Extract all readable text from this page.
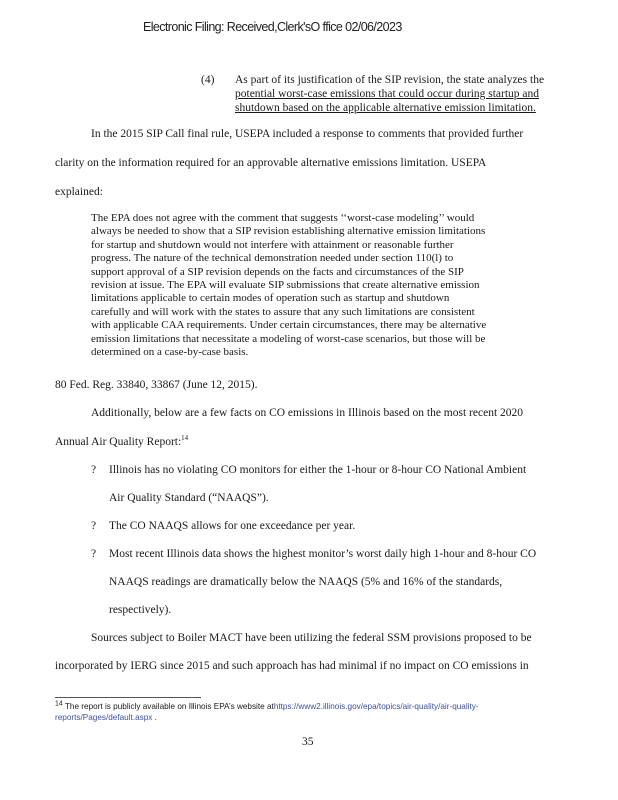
Electronic Filing: Received,Clerk'sO ffice 02/06/2023
(4) As part of its justification of the SIP revision, the state analyzes the
potential worst-case emissions that could occur during startup and
shutdown based on the applicable alternative emission limitation.
In the 2015 SIP Call final rule, USEPA included a response to comments that provided further
clarity on the information required for an approvable alternative emissions limitation. USEPA
explained:
The EPA does not agree with the comment that suggests ‘‘worst-case modeling’’ would
always be needed to show that a SIP revision establishing alternative emission limitations
for startup and shutdown would not interfere with attainment or reasonable further
progress. The nature of the technical demonstration needed under section 110(l) to
support approval of a SIP revision depends on the facts and circumstances of the SIP
revision at issue. The EPA will evaluate SIP submissions that create alternative emission
limitations applicable to certain modes of operation such as startup and shutdown
carefully and will work with the states to assure that any such limitations are consistent
with applicable CAA requirements. Under certain circumstances, there may be alternative
emission limitations that necessitate a modeling of worst-case scenarios, but those will be
determined on a case-by-case basis.
80 Fed. Reg. 33840, 33867 (June 12, 2015).
Additionally, below are a few facts on CO emissions in Illinois based on the most recent 2020
Annual Air Quality Report:$^{14}$
? Illinois has no violating CO monitors for either the 1-hour or 8-hour CO National Ambient
Air Quality Standard (“NAAQS”).
? The CO NAAQS allows for one exceedance per year.
? Most recent Illinois data shows the highest monitor’s worst daily high 1-hour and 8-hour CO
NAAQS readings are dramatically below the NAAQS (5% and 16% of the standards,
respectively).
Sources subject to Boiler MACT have been utilizing the federal SSM provisions proposed to be
incorporated by IERG since 2015 and such approach has had minimal if no impact on CO emissions in
$^{14}$ The report is publicly available on Illinois EPA’s website athttps://www2.illinois.gov/epa/topics/air-quality/air-quality-
reports/Pages/default.aspx .
35
